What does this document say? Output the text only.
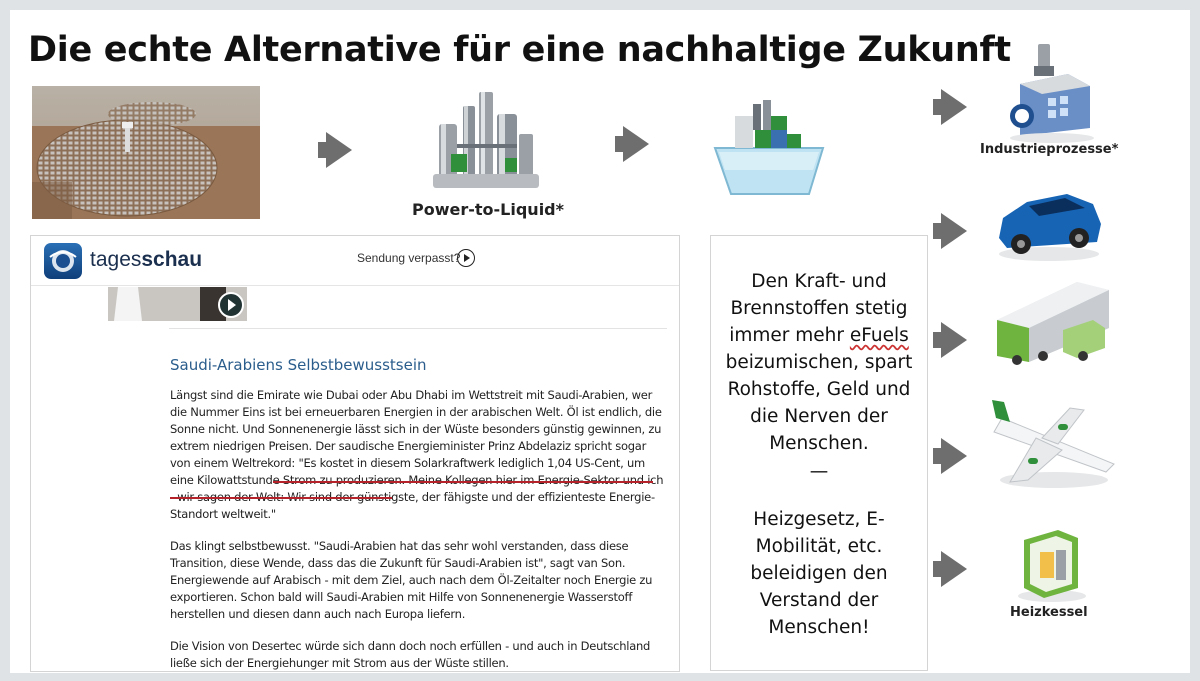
Die echte Alternative für eine nachhaltige Zukunft
Power-to-Liquid*
Industrieprozesse*
Heizkessel
tagesschau	Sendung verpasst?
Saudi-Arabiens Selbstbewusstsein

Längst sind die Emirate wie Dubai oder Abu Dhabi im Wettstreit mit Saudi-Arabien, wer die Nummer Eins ist bei erneuerbaren Energien in der arabischen Welt. Öl ist endlich, die Sonne nicht. Und Sonnenenergie lässt sich in der Wüste besonders günstig gewinnen, zu extrem niedrigen Preisen. Der saudische Energieminister Prinz Abdelaziz spricht sogar von einem Weltrekord: "Es kostet in diesem Solarkraftwerk lediglich 1,04 US-Cent, um eine Kilowattstunde Strom zu produzieren. Meine Kollegen hier im Energie-Sektor und ich - wir sagen der Welt: Wir sind der günstigste, der fähigste und der effizienteste Energie-Standort weltweit."

Das klingt selbstbewusst. "Saudi-Arabien hat das sehr wohl verstanden, dass diese Transition, diese Wende, dass das die Zukunft für Saudi-Arabien ist", sagt van Son. Energiewende auf Arabisch - mit dem Ziel, auch nach dem Öl-Zeitalter noch Energie zu exportieren. Schon bald will Saudi-Arabien mit Hilfe von Sonnenenergie Wasserstoff herstellen und diesen dann auch nach Europa liefern.

Die Vision von Desertec würde sich dann doch noch erfüllen - und auch in Deutschland ließe sich der Energiehunger mit Strom aus der Wüste stillen.

Den Kraft- und Brennstoffen stetig immer mehr eFuels beizumischen, spart Rohstoffe, Geld und die Nerven der Menschen.
—
Heizgesetz, E-Mobilität, etc. beleidigen den Verstand der Menschen!
